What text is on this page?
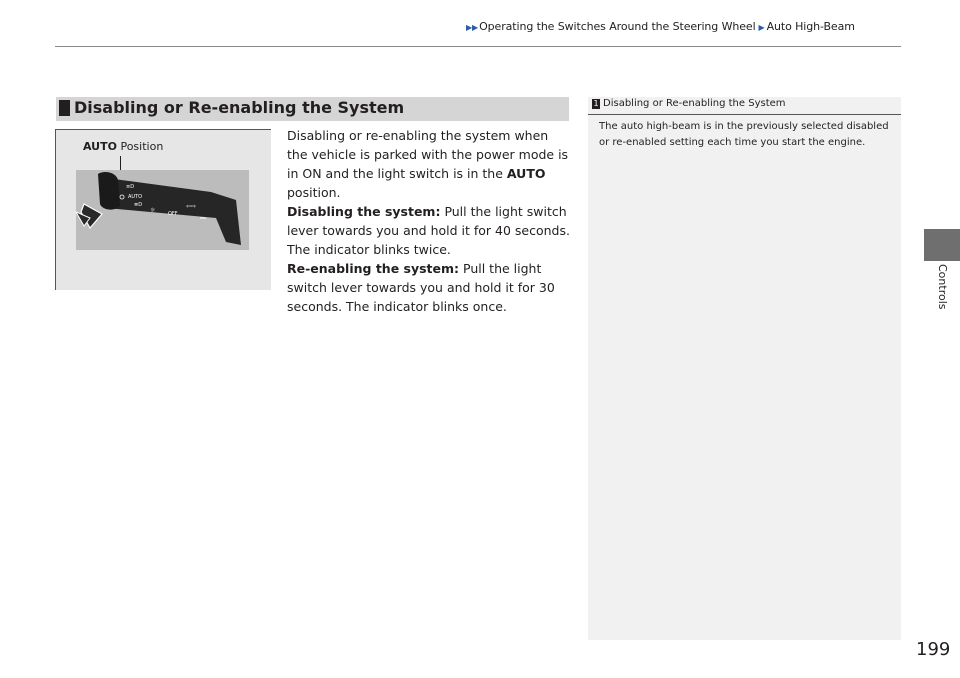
▶▶Operating the Switches Around the Steering Wheel ▶ Auto High-Beam
Controls
Disabling or Re-enabling the System
AUTO Position
≡D
AUTO
≣D
☼	OFF
⇦⇨

Disabling or re-enabling the system when the vehicle is parked with the power mode is in ON and the light switch is in the AUTO position.

Disabling the system: Pull the light switch lever towards you and hold it for 40 seconds. The indicator blinks twice.

Re-enabling the system: Pull the light switch lever towards you and hold it for 30 seconds. The indicator blinks once.

1 Disabling or Re-enabling the System
The auto high-beam is in the previously selected disabled or re-enabled setting each time you start the engine.
199
